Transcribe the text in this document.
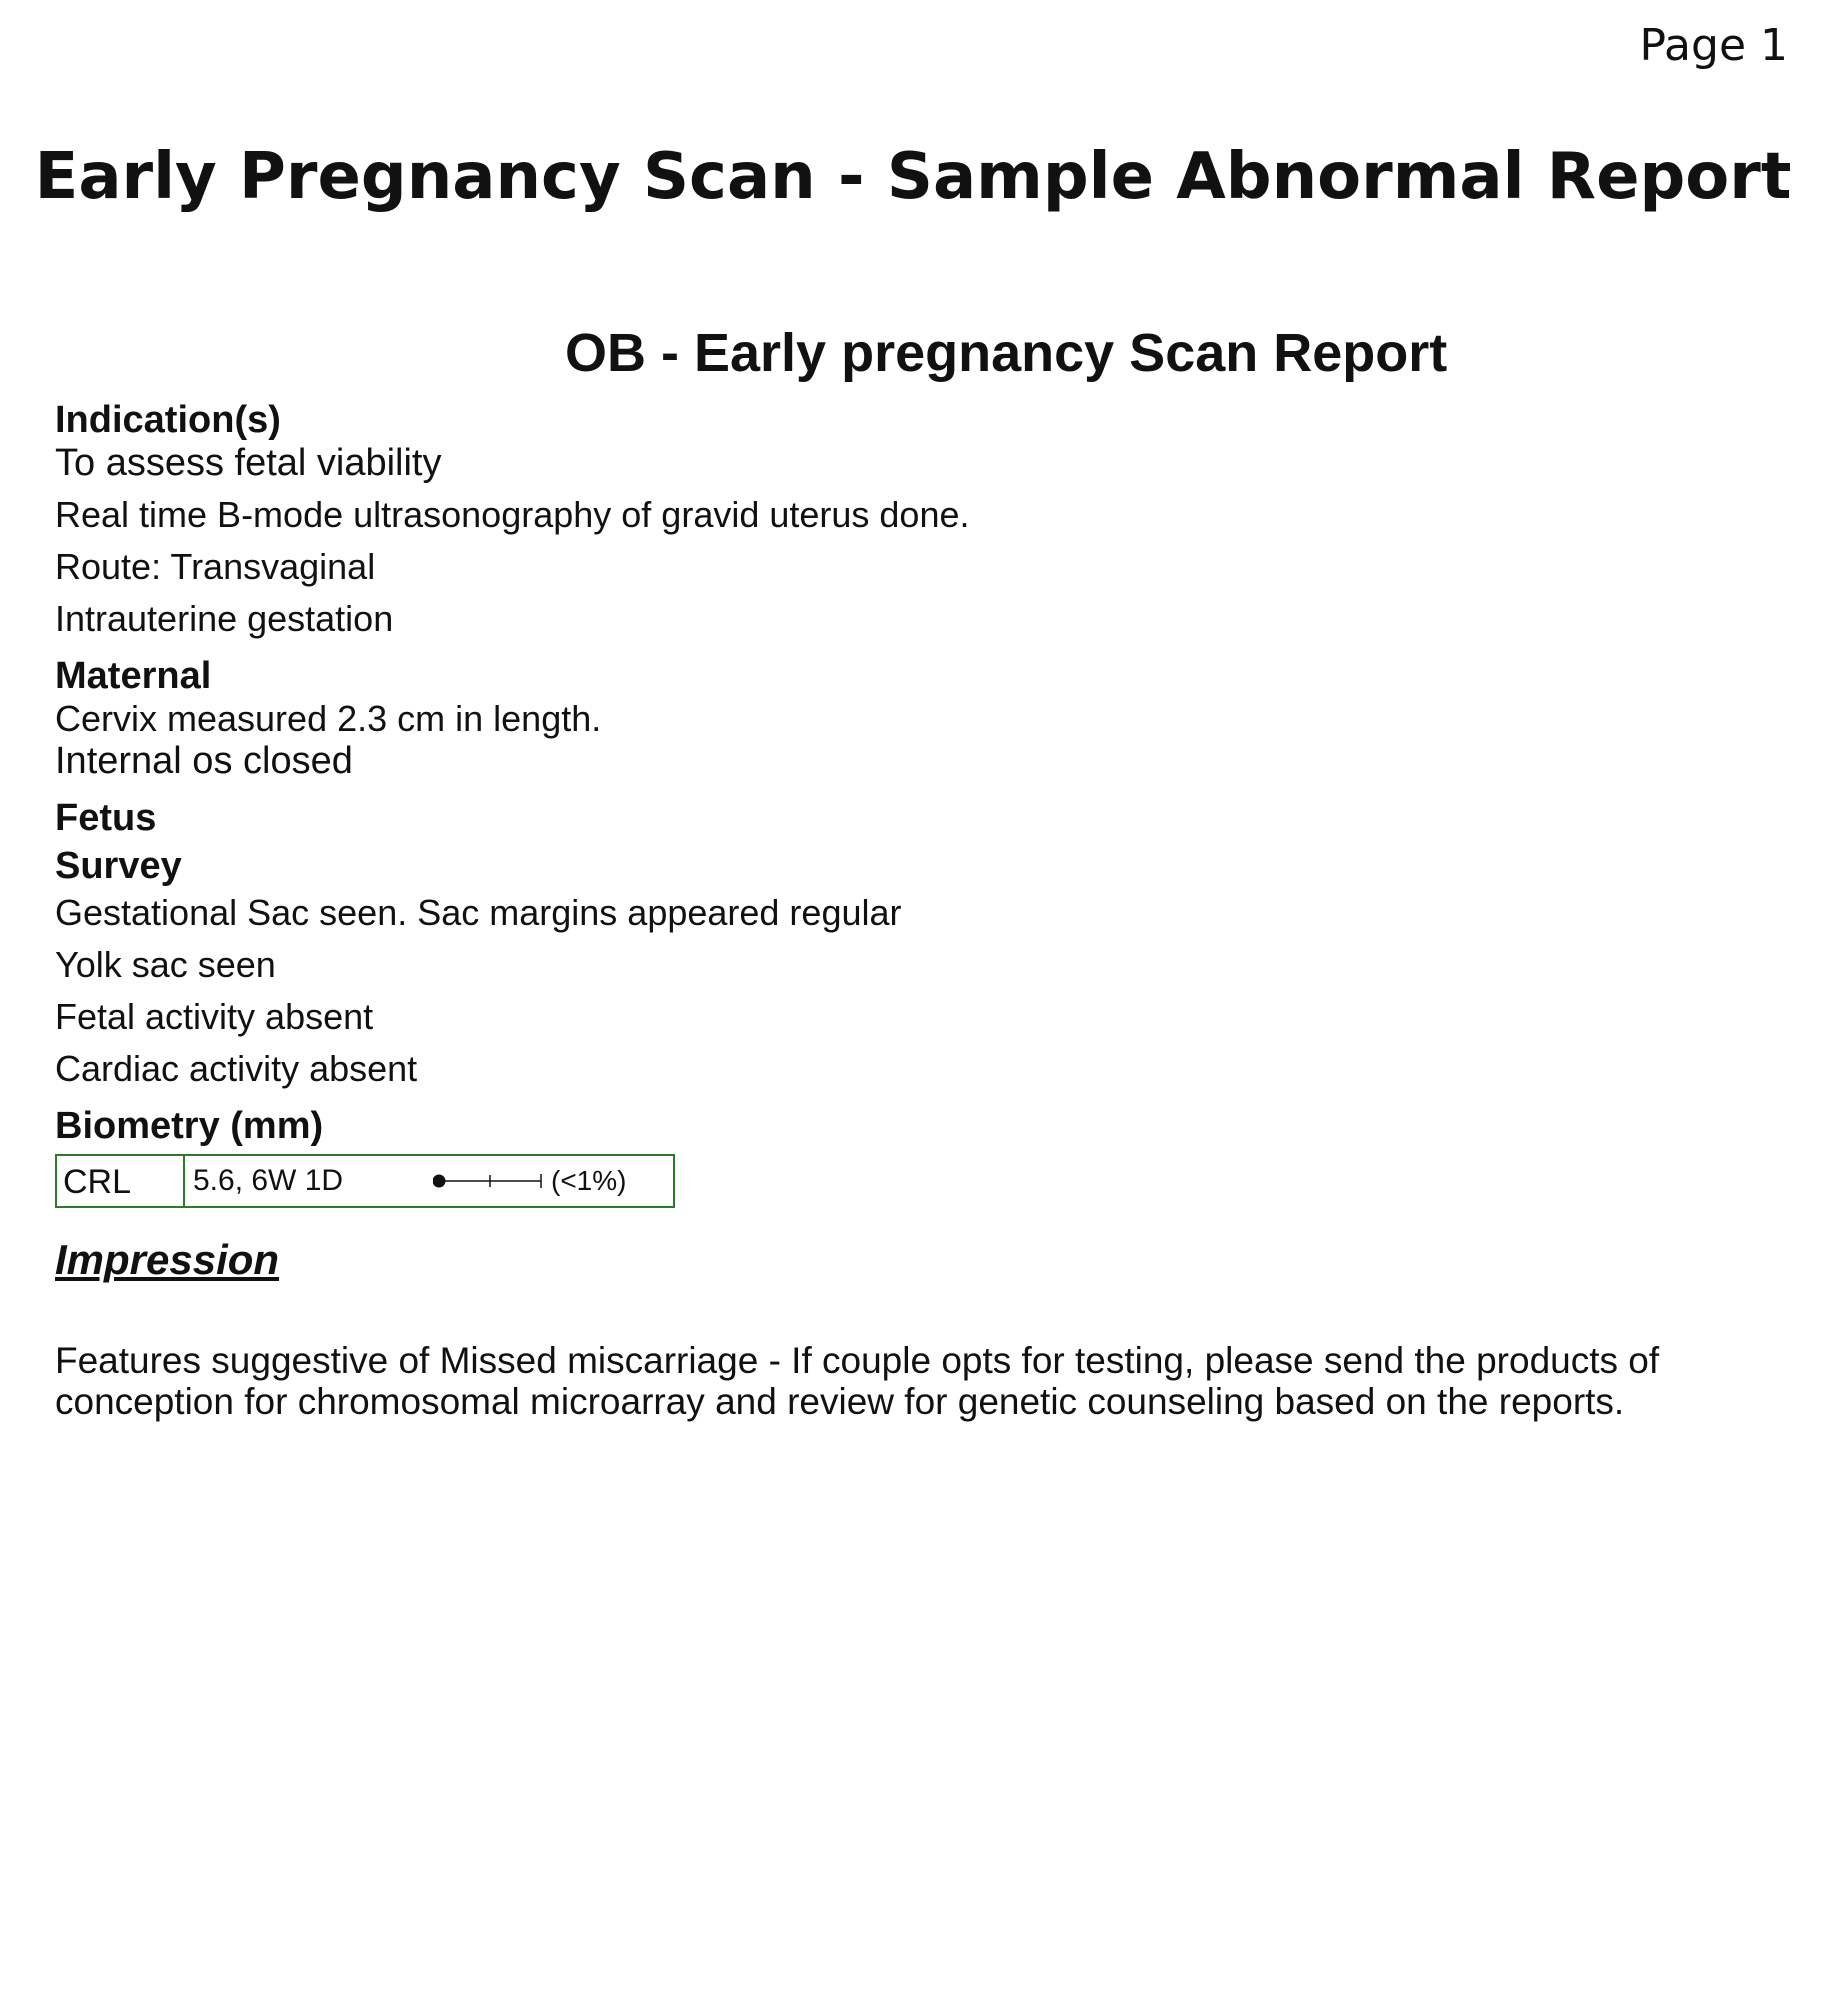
Page 1
Early Pregnancy Scan - Sample Abnormal Report
OB - Early pregnancy Scan Report

Indication(s)

To assess fetal viability

Real time B-mode ultrasonography of gravid uterus done.

Route: Transvaginal

Intrauterine gestation

Maternal

Cervix measured 2.3 cm in length.

Internal os closed

Fetus

Survey

Gestational Sac seen. Sac margins appeared regular

Yolk sac seen

Fetal activity absent

Cardiac activity absent

Biometry (mm)

CRL	5.6, 6W 1D	(<1%)

Impression

Features suggestive of Missed miscarriage - If couple opts for testing, please send the products of conception for chromosomal microarray and review for genetic counseling based on the reports.
